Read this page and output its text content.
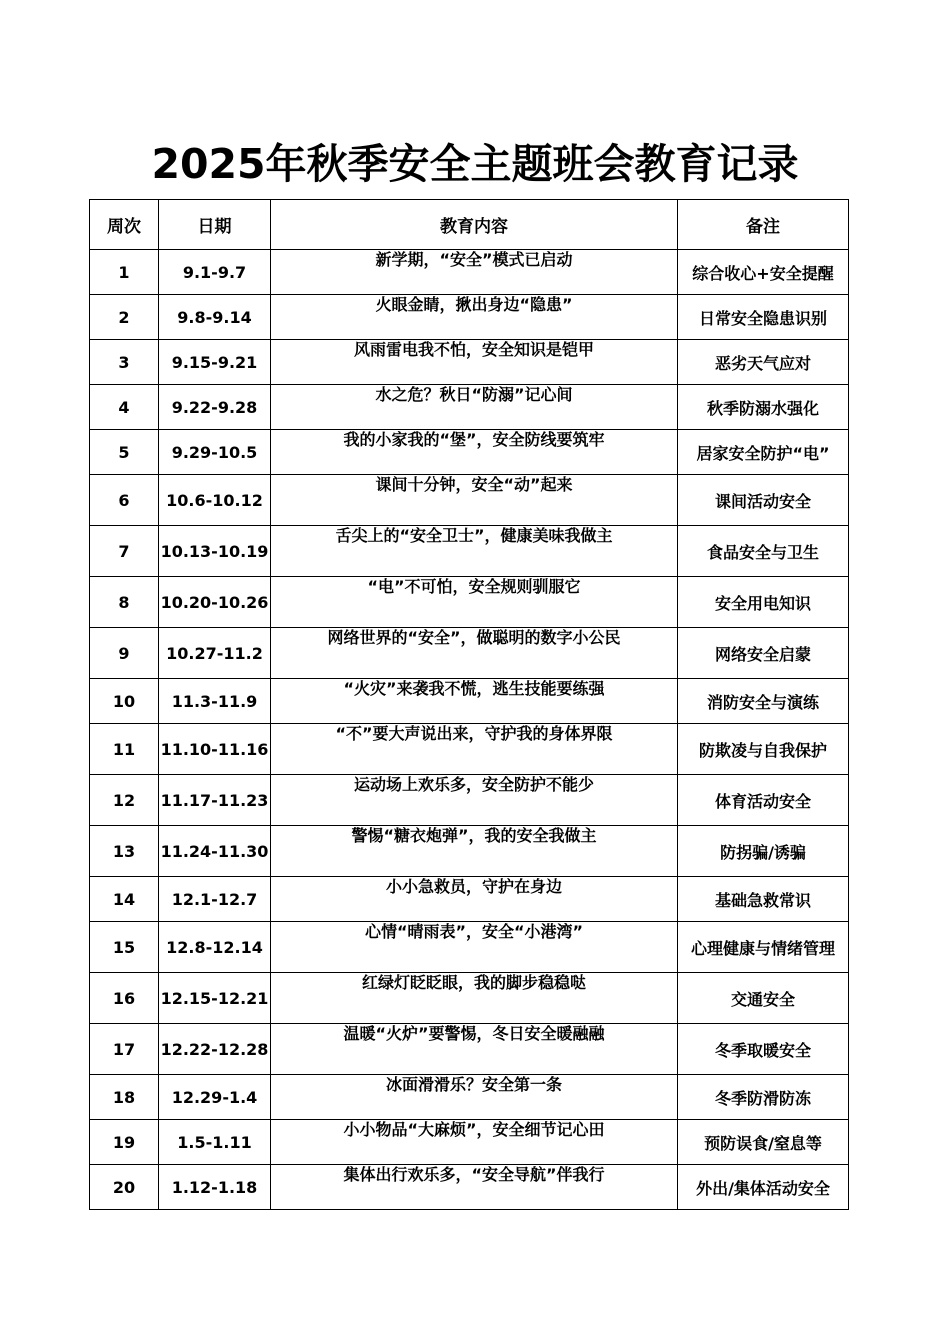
2025年秋季安全主题班会教育记录
周次	日期	教育内容	备注
1	9.1-9.7	新学期，“安全”模式已启动	综合收心+安全提醒
2	9.8-9.14	火眼金睛，揪出身边“隐患”	日常安全隐患识别
3	9.15-9.21	风雨雷电我不怕，安全知识是铠甲	恶劣天气应对
4	9.22-9.28	水之危？秋日“防溺”记心间	秋季防溺水强化
5	9.29-10.5	我的小家我的“堡”，安全防线要筑牢	居家安全防护“电”
6	10.6-10.12	课间十分钟，安全“动”起来	课间活动安全
7	10.13-10.19	舌尖上的“安全卫士”，健康美味我做主	食品安全与卫生
8	10.20-10.26	“电”不可怕，安全规则驯服它	安全用电知识
9	10.27-11.2	网络世界的“安全”，做聪明的数字小公民	网络安全启蒙
10	11.3-11.9	“火灾”来袭我不慌，逃生技能要练强	消防安全与演练
11	11.10-11.16	“不”要大声说出来，守护我的身体界限	防欺凌与自我保护
12	11.17-11.23	运动场上欢乐多，安全防护不能少	体育活动安全
13	11.24-11.30	警惕“糖衣炮弹”，我的安全我做主	防拐骗/诱骗
14	12.1-12.7	小小急救员，守护在身边	基础急救常识
15	12.8-12.14	心情“晴雨表”，安全“小港湾”	心理健康与情绪管理
16	12.15-12.21	红绿灯眨眨眼，我的脚步稳稳哒	交通安全
17	12.22-12.28	温暖“火炉”要警惕，冬日安全暖融融	冬季取暖安全
18	12.29-1.4	冰面滑滑乐？安全第一条	冬季防滑防冻
19	1.5-1.11	小小物品“大麻烦”，安全细节记心田	预防误食/窒息等
20	1.12-1.18	集体出行欢乐多，“安全导航”伴我行	外出/集体活动安全
